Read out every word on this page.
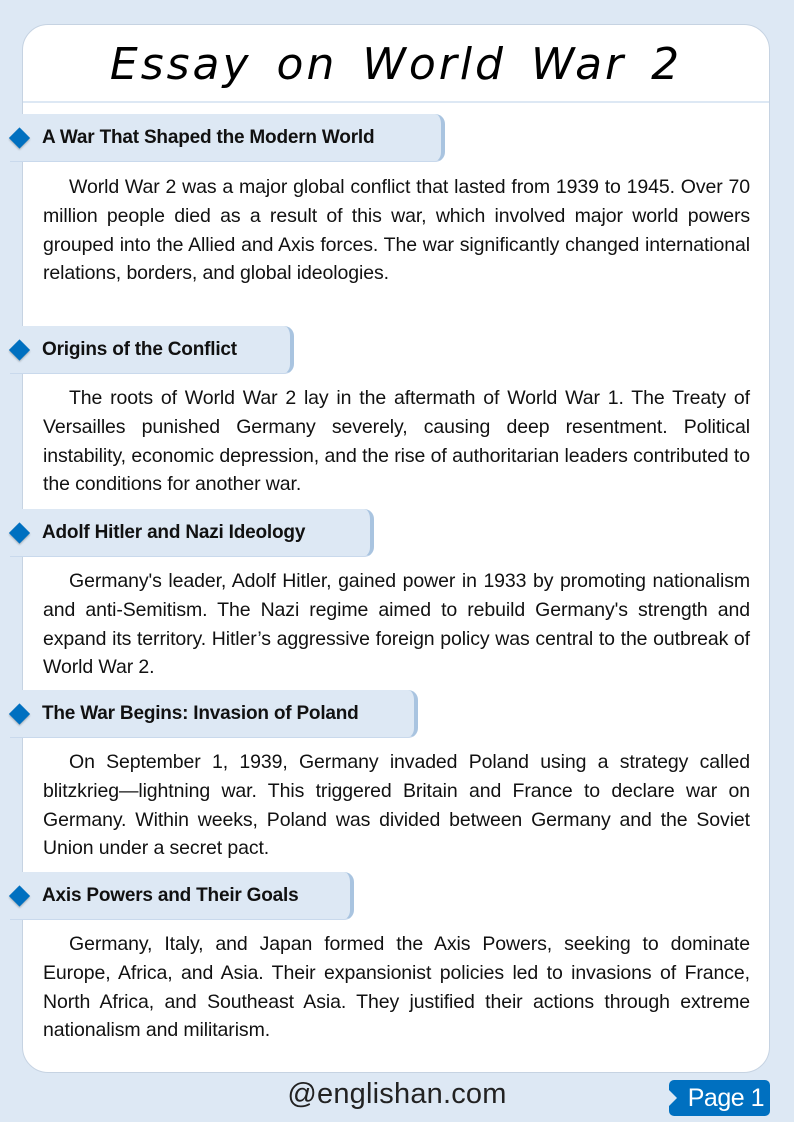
Essay on World War 2
A War That Shaped the Modern World

World War 2 was a major global conflict that lasted from 1939 to 1945. Over 70 million people died as a result of this war, which involved major world powers grouped into the Allied and Axis forces. The war significantly changed international relations, borders, and global ideologies.

Origins of the Conflict

The roots of World War 2 lay in the aftermath of World War 1. The Treaty of Versailles punished Germany severely, causing deep resentment. Political instability, economic depression, and the rise of authoritarian leaders contributed to the conditions for another war.

Adolf Hitler and Nazi Ideology

Germany's leader, Adolf Hitler, gained power in 1933 by promoting nationalism and anti-Semitism. The Nazi regime aimed to rebuild Germany's strength and expand its territory. Hitler’s aggressive foreign policy was central to the outbreak of World War 2.

The War Begins: Invasion of Poland

On September 1, 1939, Germany invaded Poland using a strategy called blitzkrieg—lightning war. This triggered Britain and France to declare war on Germany. Within weeks, Poland was divided between Germany and the Soviet Union under a secret pact.

Axis Powers and Their Goals

Germany, Italy, and Japan formed the Axis Powers, seeking to dominate Europe, Africa, and Asia. Their expansionist policies led to invasions of France, North Africa, and Southeast Asia. They justified their actions through extreme nationalism and militarism.

@englishan.com	Page 1
